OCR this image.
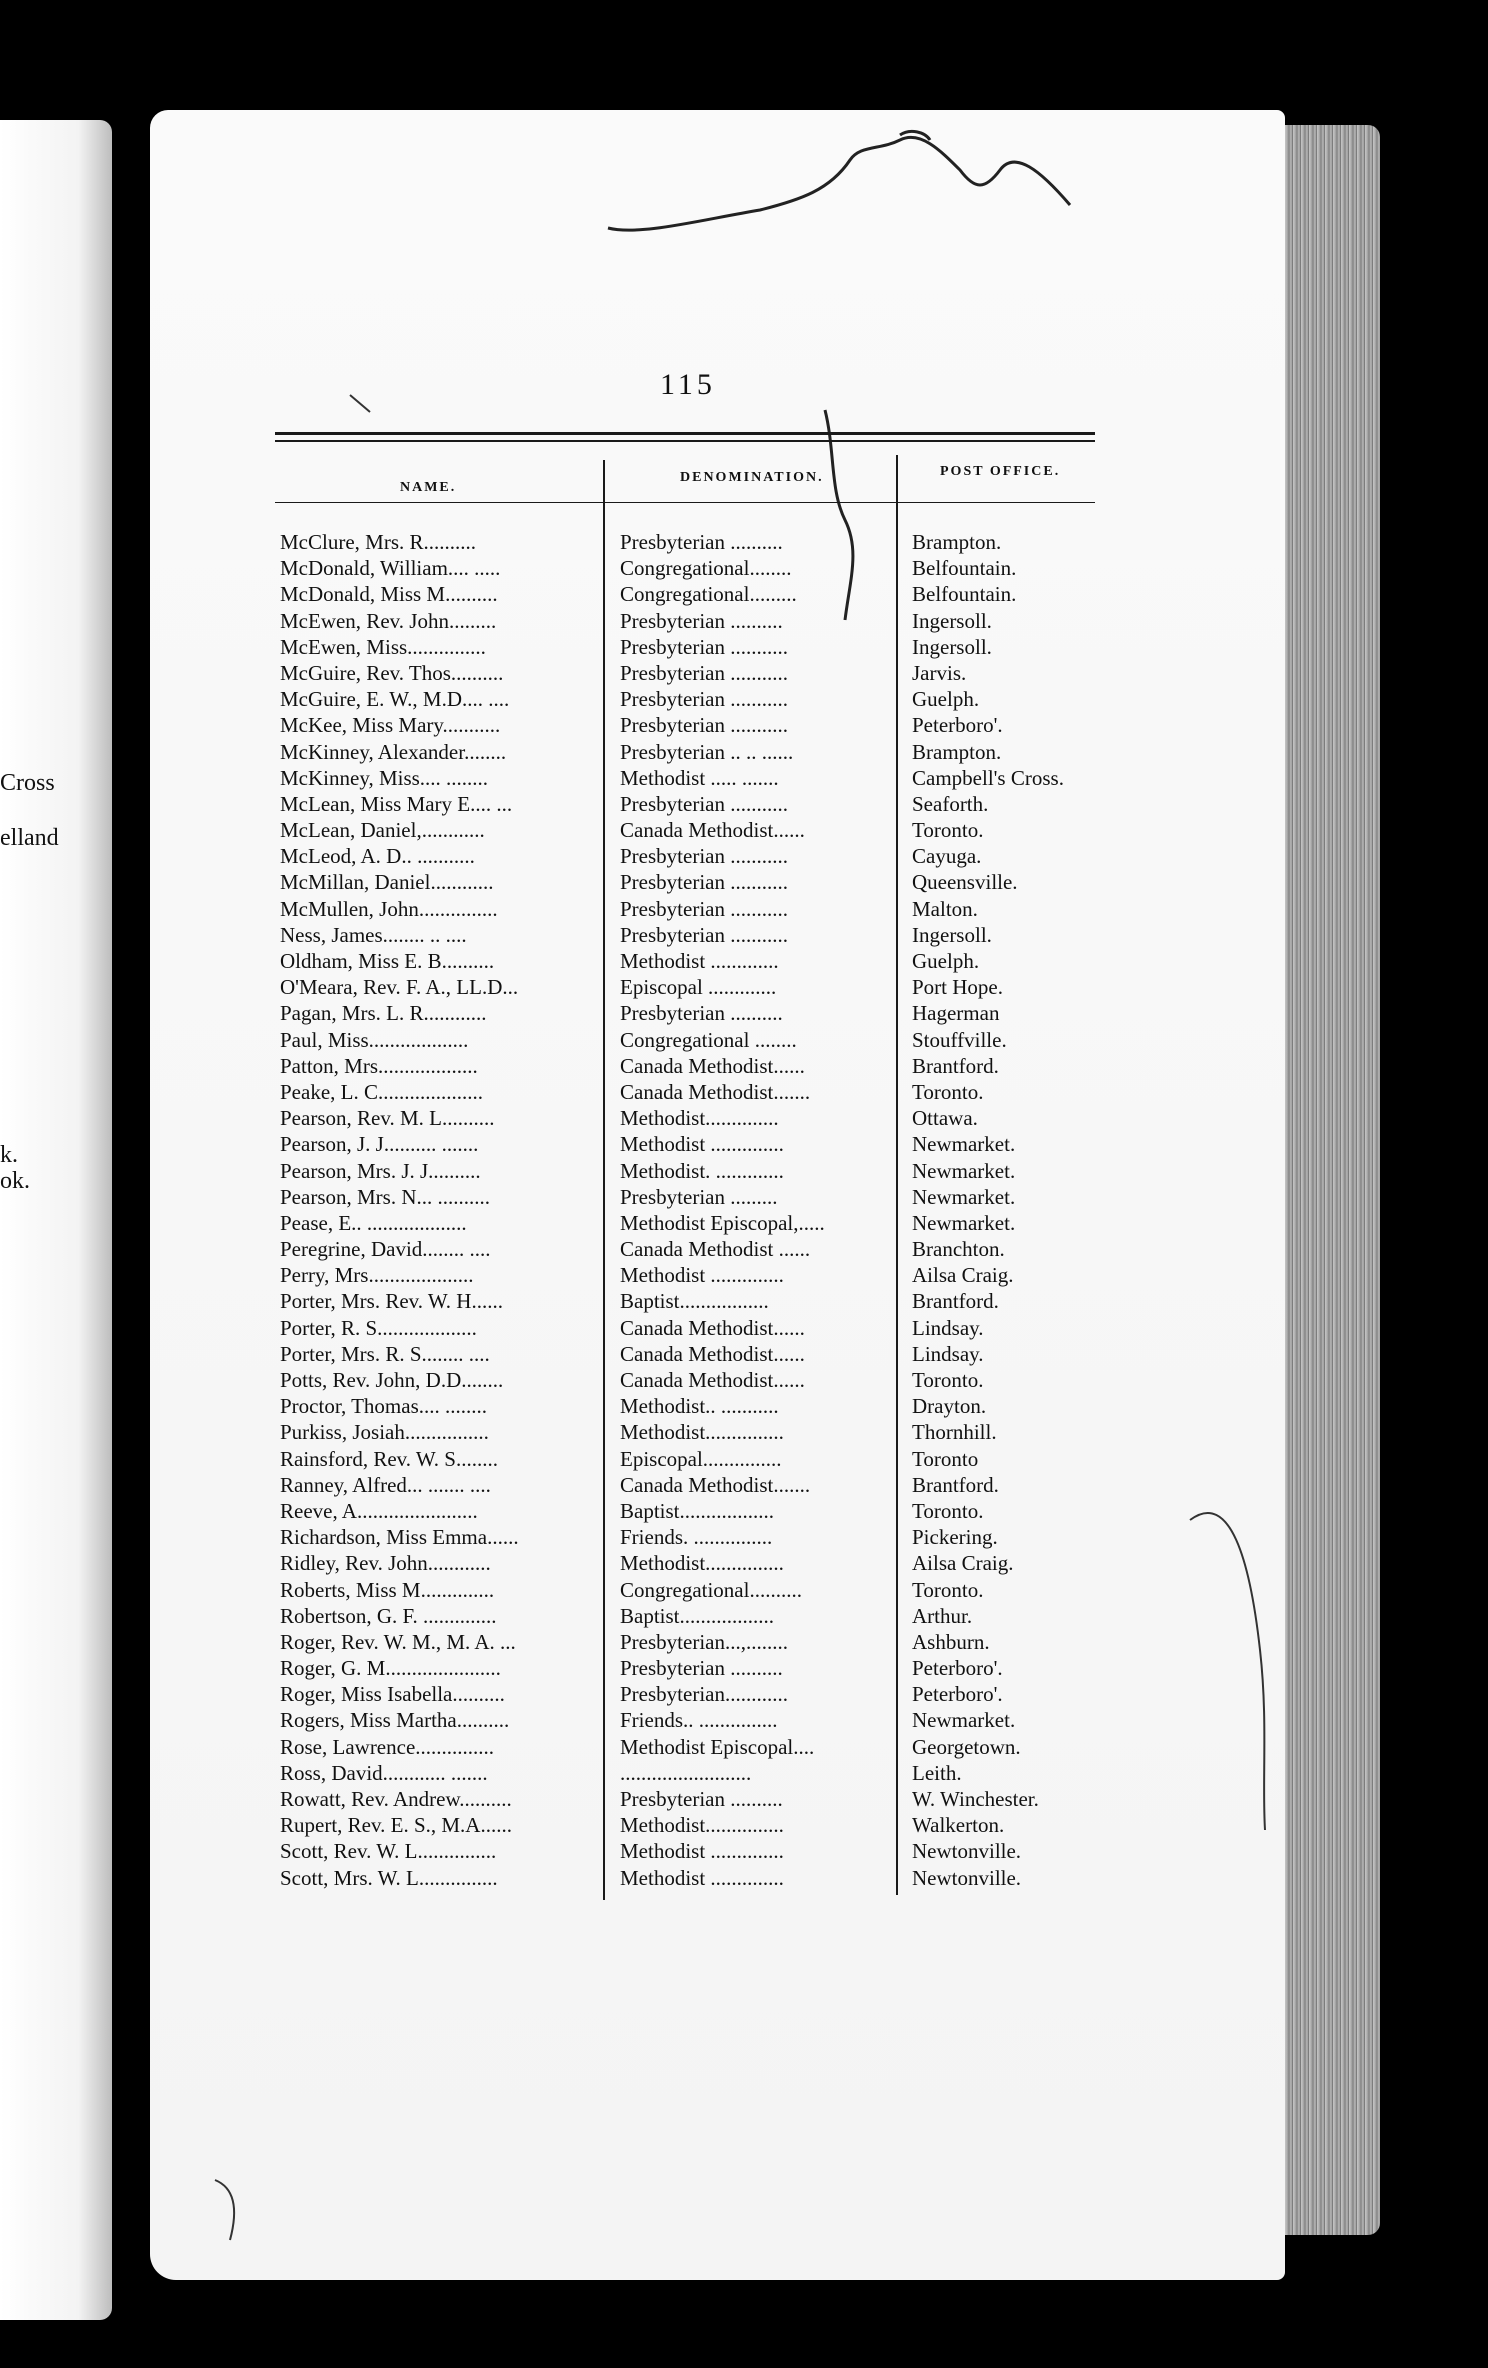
Cross
elland
k.
ok.
115
NAME.
DENOMINATION.	POST OFFICE.
McClure, Mrs. R..........	Presbyterian ..........	Brampton.
McDonald, William.... .....	Congregational........	Belfountain.
McDonald, Miss M..........	Congregational.........	Belfountain.
McEwen, Rev. John.........	Presbyterian ..........	Ingersoll.
McEwen, Miss...............	Presbyterian ...........	Ingersoll.
McGuire, Rev. Thos..........	Presbyterian ...........	Jarvis.
McGuire, E. W., M.D.... ....	Presbyterian ...........	Guelph.
McKee, Miss Mary...........	Presbyterian ...........	Peterboro'.
McKinney, Alexander........	Presbyterian .. .. ......	Brampton.
McKinney, Miss.... ........	Methodist ..... .......	Campbell's Cross.
McLean, Miss Mary E.... ...	Presbyterian ...........	Seaforth.
McLean, Daniel,............	Canada Methodist......	Toronto.
McLeod, A. D.. ...........	Presbyterian ...........	Cayuga.
McMillan, Daniel............	Presbyterian ...........	Queensville.
McMullen, John...............	Presbyterian ...........	Malton.
Ness, James........ .. ....	Presbyterian ...........	Ingersoll.
Oldham, Miss E. B..........	Methodist .............	Guelph.
O'Meara, Rev. F. A., LL.D...	Episcopal .............	Port Hope.
Pagan, Mrs. L. R............	Presbyterian ..........	Hagerman
Paul, Miss...................	Congregational ........	Stouffville.
Patton, Mrs...................	Canada Methodist......	Brantford.
Peake, L. C....................	Canada Methodist.......	Toronto.
Pearson, Rev. M. L..........	Methodist..............	Ottawa.
Pearson, J. J.......... .......	Methodist ..............	Newmarket.
Pearson, Mrs. J. J..........	Methodist. .............	Newmarket.
Pearson, Mrs. N... ..........	Presbyterian .........	Newmarket.
Pease, E.. ...................	Methodist Episcopal,.....	Newmarket.
Peregrine, David........ ....	Canada Methodist ......	Branchton.
Perry, Mrs....................	Methodist ..............	Ailsa Craig.
Porter, Mrs. Rev. W. H......	Baptist.................	Brantford.
Porter, R. S...................	Canada Methodist......	Lindsay.
Porter, Mrs. R. S........ ....	Canada Methodist......	Lindsay.
Potts, Rev. John, D.D........	Canada Methodist......	Toronto.
Proctor, Thomas.... ........	Methodist.. ...........	Drayton.
Purkiss, Josiah................	Methodist...............	Thornhill.
Rainsford, Rev. W. S........	Episcopal...............	Toronto
Ranney, Alfred... ....... ....	Canada Methodist.......	Brantford.
Reeve, A.......................	Baptist..................	Toronto.
Richardson, Miss Emma......	Friends. ...............	Pickering.
Ridley, Rev. John............	Methodist...............	Ailsa Craig.
Roberts, Miss M..............	Congregational..........	Toronto.
Robertson, G. F. ..............	Baptist..................	Arthur.
Roger, Rev. W. M., M. A. ...	Presbyterian...,........	Ashburn.
Roger, G. M......................	Presbyterian ..........	Peterboro'.
Roger, Miss Isabella..........	Presbyterian............	Peterboro'.
Rogers, Miss Martha..........	Friends.. ...............	Newmarket.
Rose, Lawrence...............	Methodist Episcopal....	Georgetown.
Ross, David............ .......	.........................	Leith.
Rowatt, Rev. Andrew..........	Presbyterian ..........	W. Winchester.
Rupert, Rev. E. S., M.A......	Methodist...............	Walkerton.
Scott, Rev. W. L...............	Methodist ..............	Newtonville.
Scott, Mrs. W. L...............	Methodist ..............	Newtonville.
